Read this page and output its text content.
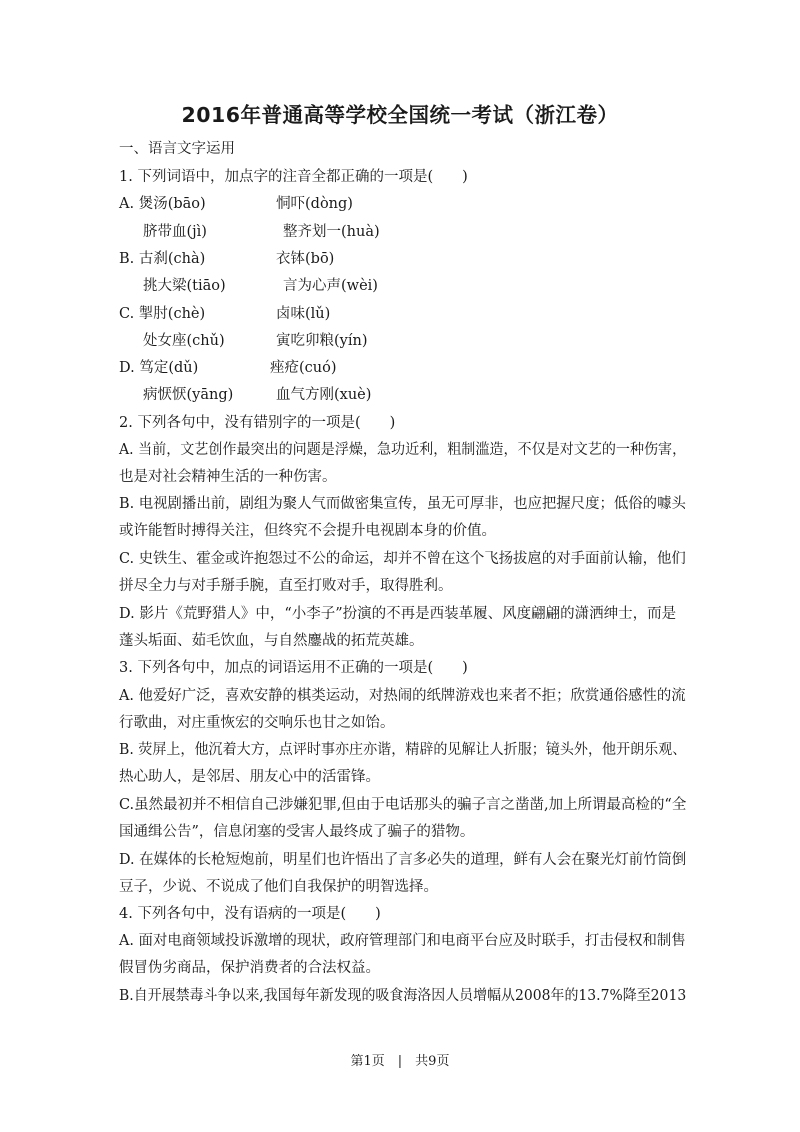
2016年普通高等学校全国统一考试（浙江卷）
一、语言文字运用
1. 下列词语中，加点字的注音全都正确的一项是(　　)
A. 煲汤(bāo)	恫吓(dòng)
脐带血(jì)	整齐划一(huà)
B. 古刹(chà)	衣钵(bō)
挑大梁(tiāo)	言为心声(wèi)
C. 掣肘(chè)	卤味(lǔ)
处女座(chǔ)	寅吃卯粮(yín)
D. 笃定(dǔ)	痤疮(cuó)
病恹恹(yāng)	血气方刚(xuè)
2. 下列各句中，没有错别字的一项是(　　)
A. 当前，文艺创作最突出的问题是浮燥，急功近利，粗制滥造，不仅是对文艺的一种伤害，
也是对社会精神生活的一种伤害。
B. 电视剧播出前，剧组为聚人气而做密集宣传，虽无可厚非，也应把握尺度；低俗的噱头
或许能暂时搏得关注，但终究不会提升电视剧本身的价值。
C. 史铁生、霍金或许抱怨过不公的命运，却并不曾在这个飞扬拔扈的对手面前认输，他们
拼尽全力与对手掰手腕，直至打败对手，取得胜利。
D. 影片《荒野猎人》中，“小李子”扮演的不再是西装革履、风度翩翩的潇洒绅士，而是
蓬头垢面、茹毛饮血，与自然鏖战的拓荒英雄。
3. 下列各句中，加点的词语运用不正确的一项是(　　)
A. 他爱好广泛，喜欢安静的棋类运动，对热闹的纸牌游戏也来者不拒；欣赏通俗感性的流
行歌曲，对庄重恢宏的交响乐也甘之如饴。
B. 荧屏上，他沉着大方，点评时事亦庄亦谐，精辟的见解让人折服；镜头外，他开朗乐观、
热心助人，是邻居、朋友心中的活雷锋。
C.虽然最初并不相信自己涉嫌犯罪,但由于电话那头的骗子言之凿凿,加上所谓最高检的“全
国通缉公告”，信息闭塞的受害人最终成了骗子的猎物。
D. 在媒体的长枪短炮前，明星们也许悟出了言多必失的道理，鲜有人会在聚光灯前竹筒倒
豆子，少说、不说成了他们自我保护的明智选择。
4. 下列各句中，没有语病的一项是(　　)
A. 面对电商领域投诉激增的现状，政府管理部门和电商平台应及时联手，打击侵权和制售
假冒伪劣商品，保护消费者的合法权益。
B.自开展禁毒斗争以来,我国每年新发现的吸食海洛因人员增幅从2008年的13.7%降至2013
第1页　|　共9页
